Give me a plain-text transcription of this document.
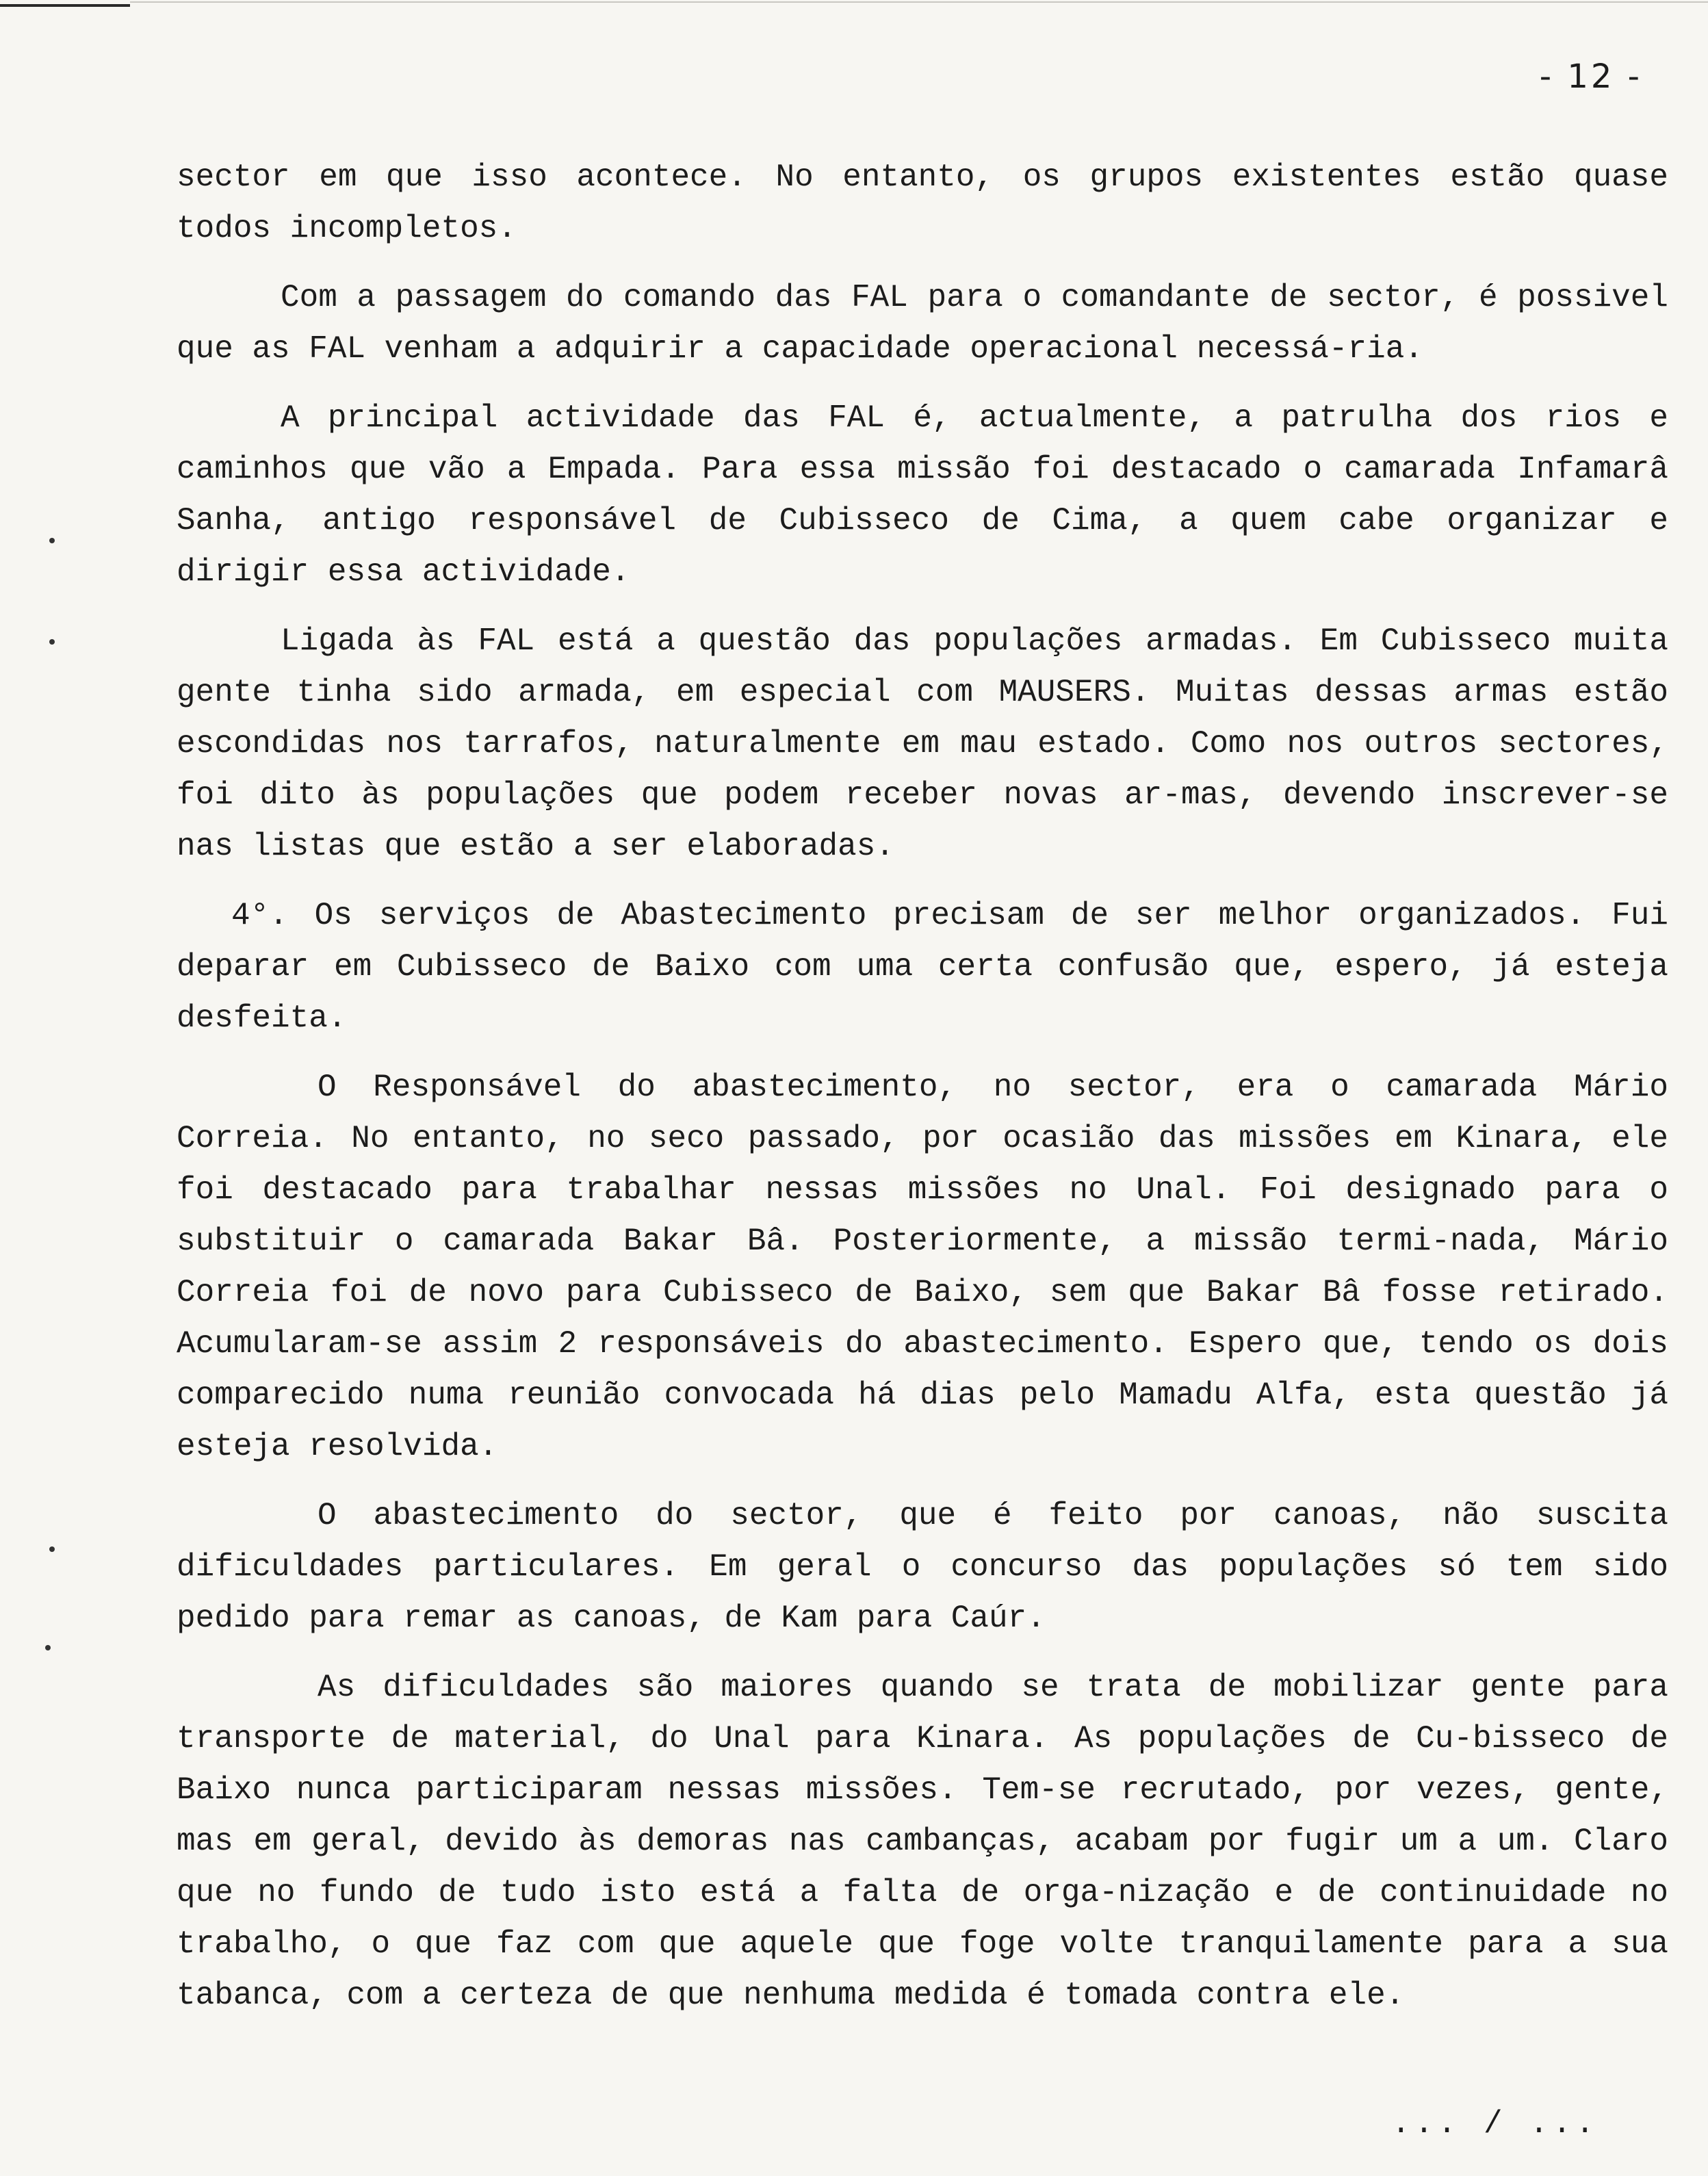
- 12 -

sector em que isso acontece. No entanto, os grupos existentes estão quase todos incompletos.

Com a passagem do comando das FAL para o comandante de sector, é possivel que as FAL venham a adquirir a capacidade operacional necessá-ria.

A principal actividade das FAL é, actualmente, a patrulha dos rios e caminhos que vão a Empada. Para essa missão foi destacado o camarada Infamarâ Sanha, antigo responsável de Cubisseco de Cima, a quem cabe organizar e dirigir essa actividade.

Ligada às FAL está a questão das populações armadas. Em Cubisseco muita gente tinha sido armada, em especial com MAUSERS. Muitas dessas armas estão escondidas nos tarrafos, naturalmente em mau estado. Como nos outros sectores, foi dito às populações que podem receber novas ar-mas, devendo inscrever-se nas listas que estão a ser elaboradas.

4°. Os serviços de Abastecimento precisam de ser melhor organizados. Fui deparar em Cubisseco de Baixo com uma certa confusão que, espero, já esteja desfeita.

O Responsável do abastecimento, no sector, era o camarada Mário Correia. No entanto, no seco passado, por ocasião das missões em Kinara, ele foi destacado para trabalhar nessas missões no Unal. Foi designado para o substituir o camarada Bakar Bâ. Posteriormente, a missão termi-nada, Mário Correia foi de novo para Cubisseco de Baixo, sem que Bakar Bâ fosse retirado. Acumularam-se assim 2 responsáveis do abastecimento. Espero que, tendo os dois comparecido numa reunião convocada há dias pelo Mamadu Alfa, esta questão já esteja resolvida.

O abastecimento do sector, que é feito por canoas, não suscita dificuldades particulares. Em geral o concurso das populações só tem sido pedido para remar as canoas, de Kam para Caúr.

As dificuldades são maiores quando se trata de mobilizar gente para transporte de material, do Unal para Kinara. As populações de Cu-bisseco de Baixo nunca participaram nessas missões. Tem-se recrutado, por vezes, gente, mas em geral, devido às demoras nas cambanças, acabam por fugir um a um. Claro que no fundo de tudo isto está a falta de orga-nização e de continuidade no trabalho, o que faz com que aquele que foge volte tranquilamente para a sua tabanca, com a certeza de que nenhuma medida é tomada contra ele.

... / ...
